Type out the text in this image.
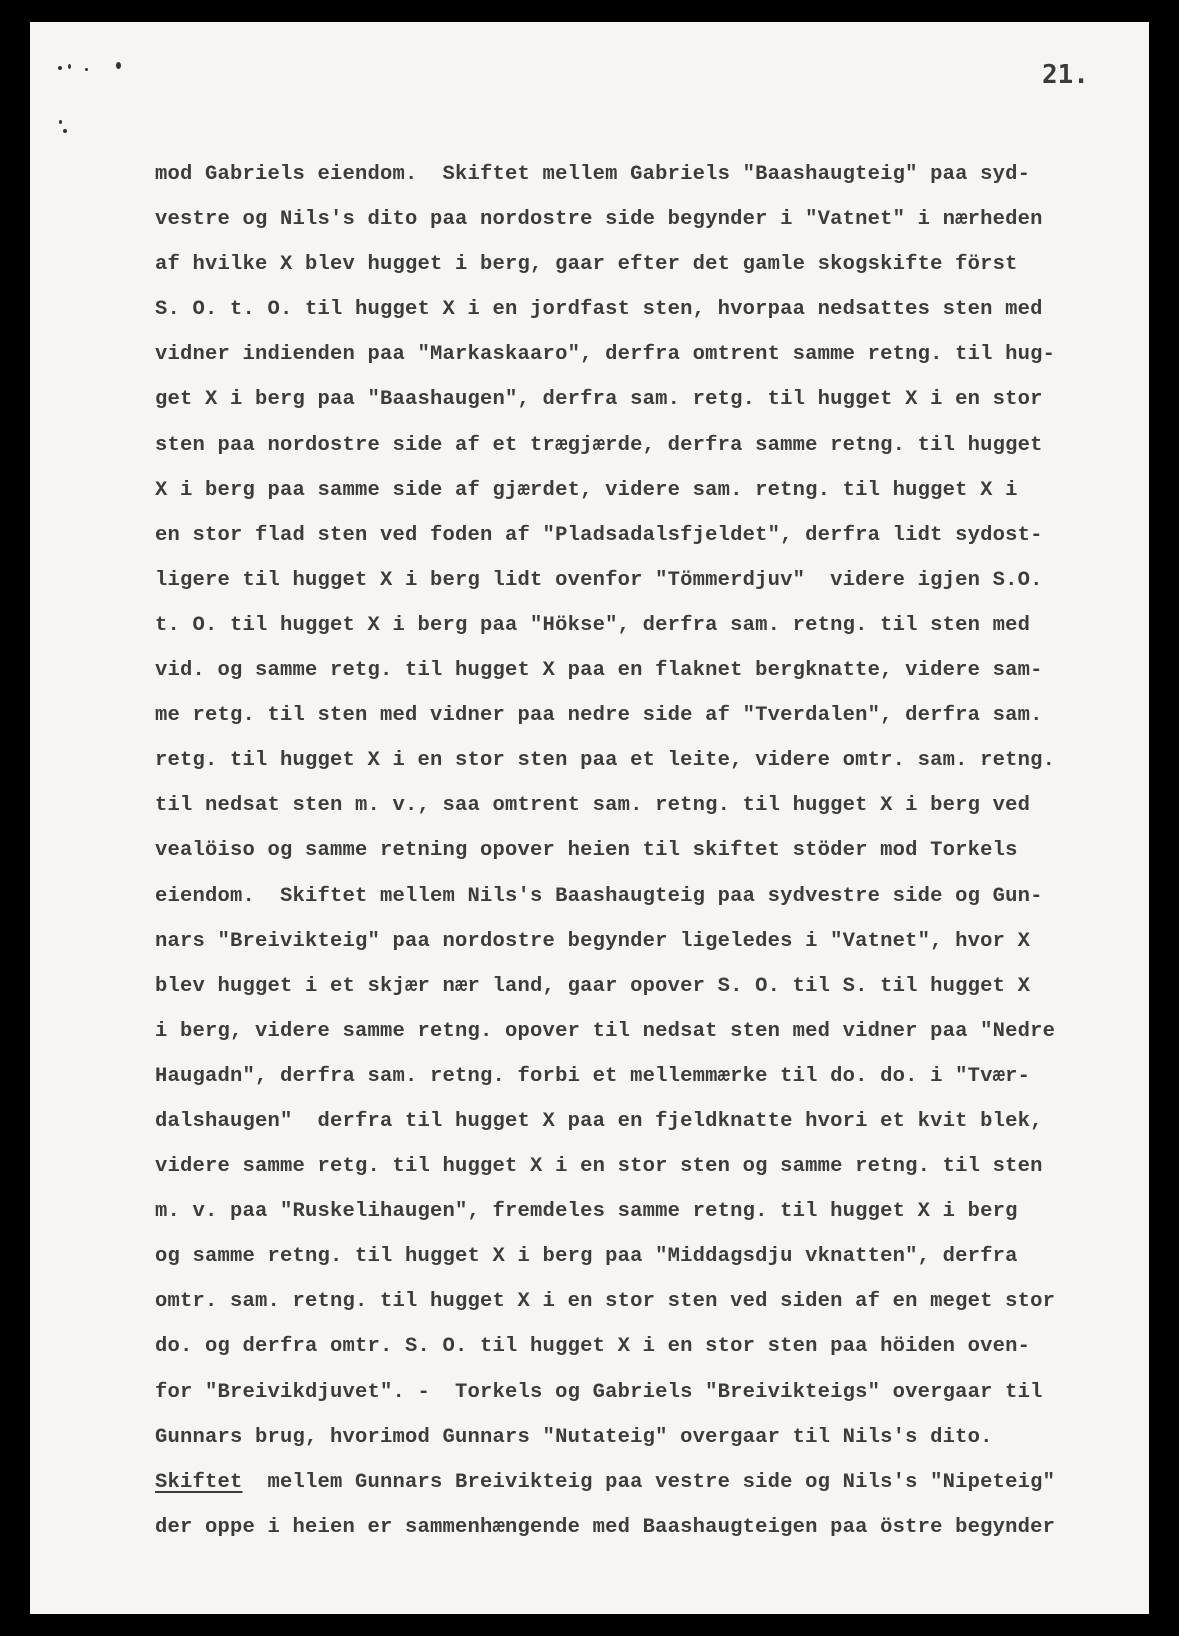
21.
mod Gabriels eiendom.  Skiftet mellem Gabriels "Baashaugteig" paa syd-
vestre og Nils's dito paa nordostre side begynder i "Vatnet" i nærheden
af hvilke X blev hugget i berg, gaar efter det gamle skogskifte först
S. O. t. O. til hugget X i en jordfast sten, hvorpaa nedsattes sten med
vidner indienden paa "Markaskaaro", derfra omtrent samme retng. til hug-
get X i berg paa "Baashaugen", derfra sam. retg. til hugget X i en stor
sten paa nordostre side af et trægjærde, derfra samme retng. til hugget
X i berg paa samme side af gjærdet, videre sam. retng. til hugget X i
en stor flad sten ved foden af "Pladsadalsfjeldet", derfra lidt sydost-
ligere til hugget X i berg lidt ovenfor "Tömmerdjuv"  videre igjen S.O.
t. O. til hugget X i berg paa "Hökse", derfra sam. retng. til sten med
vid. og samme retg. til hugget X paa en flaknet bergknatte, videre sam-
me retg. til sten med vidner paa nedre side af "Tverdalen", derfra sam.
retg. til hugget X i en stor sten paa et leite, videre omtr. sam. retng.
til nedsat sten m. v., saa omtrent sam. retng. til hugget X i berg ved
vealöiso og samme retning opover heien til skiftet stöder mod Torkels
eiendom.  Skiftet mellem Nils's Baashaugteig paa sydvestre side og Gun-
nars "Breivikteig" paa nordostre begynder ligeledes i "Vatnet", hvor X
blev hugget i et skjær nær land, gaar opover S. O. til S. til hugget X
i berg, videre samme retng. opover til nedsat sten med vidner paa "Nedre
Haugadn", derfra sam. retng. forbi et mellemmærke til do. do. i "Tvær-
dalshaugen"  derfra til hugget X paa en fjeldknatte hvori et kvit blek,
videre samme retg. til hugget X i en stor sten og samme retng. til sten
m. v. paa "Ruskelihaugen", fremdeles samme retng. til hugget X i berg
og samme retng. til hugget X i berg paa "Middagsdju vknatten", derfra
omtr. sam. retng. til hugget X i en stor sten ved siden af en meget stor
do. og derfra omtr. S. O. til hugget X i en stor sten paa höiden oven-
for "Breivikdjuvet". -  Torkels og Gabriels "Breivikteigs" overgaar til
Gunnars brug, hvorimod Gunnars "Nutateig" overgaar til Nils's dito.
Skiftet  mellem Gunnars Breivikteig paa vestre side og Nils's "Nipeteig"
der oppe i heien er sammenhængende med Baashaugteigen paa östre begynder
